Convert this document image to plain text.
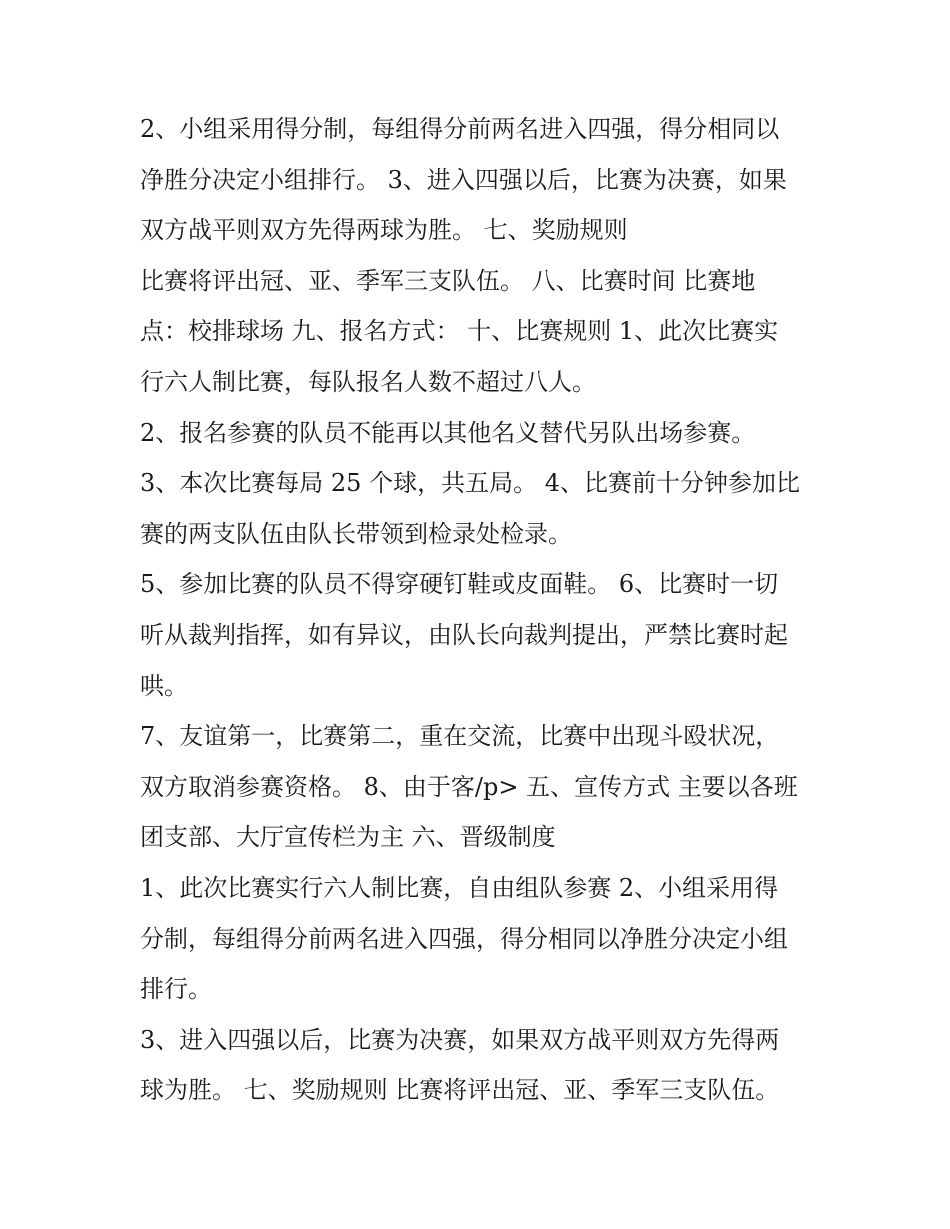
2、小组采用得分制，每组得分前两名进入四强，得分相同以
净胜分决定小组排行。 3、进入四强以后，比赛为决赛，如果
双方战平则双方先得两球为胜。 七、奖励规则

比赛将评出冠、亚、季军三支队伍。 八、比赛时间 比赛地
点：校排球场 九、报名方式： 十、比赛规则 1、此次比赛实
行六人制比赛，每队报名人数不超过八人。

2、报名参赛的队员不能再以其他名义替代另队出场参赛。

3、本次比赛每局 25 个球，共五局。 4、比赛前十分钟参加比
赛的两支队伍由队长带领到检录处检录。

5、参加比赛的队员不得穿硬钉鞋或皮面鞋。 6、比赛时一切
听从裁判指挥，如有异议，由队长向裁判提出，严禁比赛时起
哄。

7、友谊第一，比赛第二，重在交流，比赛中出现斗殴状况，
双方取消参赛资格。 8、由于客/p> 五、宣传方式 主要以各班
团支部、大厅宣传栏为主 六、晋级制度

1、此次比赛实行六人制比赛，自由组队参赛 2、小组采用得
分制，每组得分前两名进入四强，得分相同以净胜分决定小组
排行。

3、进入四强以后，比赛为决赛，如果双方战平则双方先得两
球为胜。 七、奖励规则 比赛将评出冠、亚、季军三支队伍。
